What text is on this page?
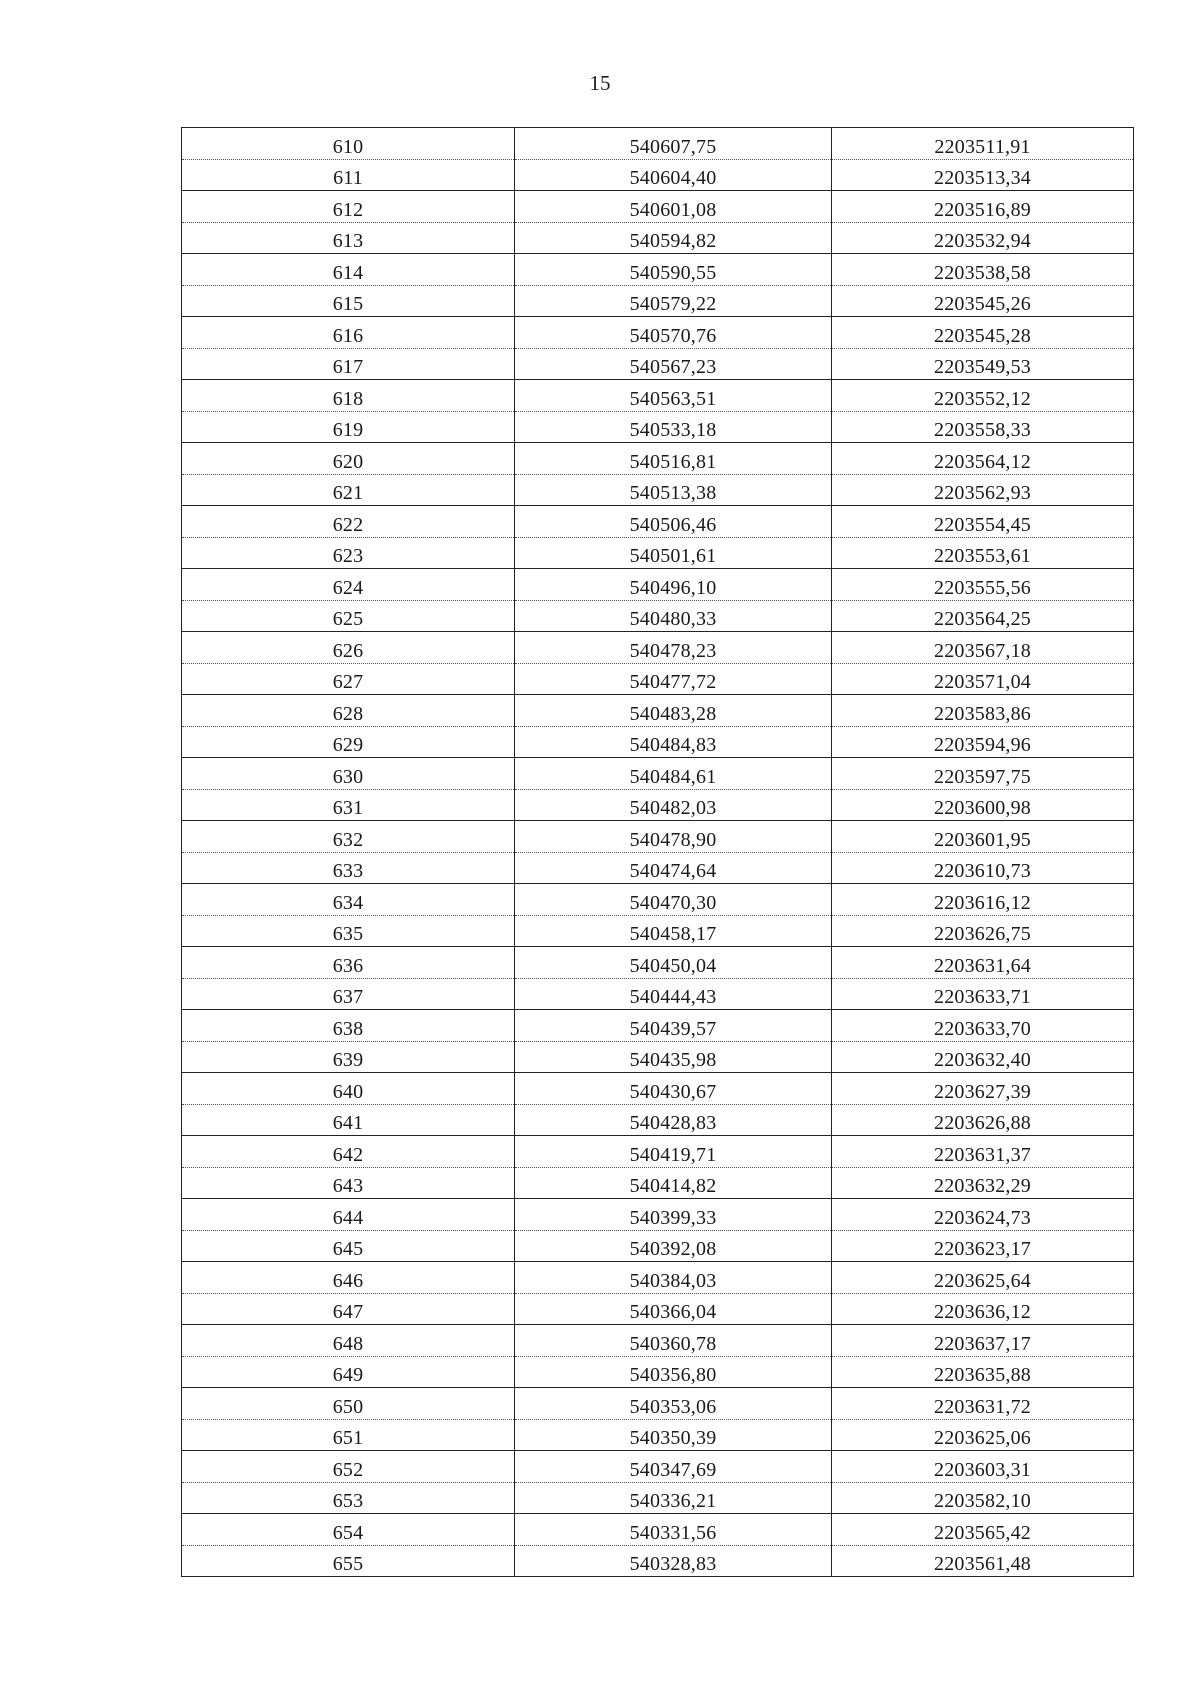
15
610	540607,75	2203511,91
611	540604,40	2203513,34
612	540601,08	2203516,89
613	540594,82	2203532,94
614	540590,55	2203538,58
615	540579,22	2203545,26
616	540570,76	2203545,28
617	540567,23	2203549,53
618	540563,51	2203552,12
619	540533,18	2203558,33
620	540516,81	2203564,12
621	540513,38	2203562,93
622	540506,46	2203554,45
623	540501,61	2203553,61
624	540496,10	2203555,56
625	540480,33	2203564,25
626	540478,23	2203567,18
627	540477,72	2203571,04
628	540483,28	2203583,86
629	540484,83	2203594,96
630	540484,61	2203597,75
631	540482,03	2203600,98
632	540478,90	2203601,95
633	540474,64	2203610,73
634	540470,30	2203616,12
635	540458,17	2203626,75
636	540450,04	2203631,64
637	540444,43	2203633,71
638	540439,57	2203633,70
639	540435,98	2203632,40
640	540430,67	2203627,39
641	540428,83	2203626,88
642	540419,71	2203631,37
643	540414,82	2203632,29
644	540399,33	2203624,73
645	540392,08	2203623,17
646	540384,03	2203625,64
647	540366,04	2203636,12
648	540360,78	2203637,17
649	540356,80	2203635,88
650	540353,06	2203631,72
651	540350,39	2203625,06
652	540347,69	2203603,31
653	540336,21	2203582,10
654	540331,56	2203565,42
655	540328,83	2203561,48
